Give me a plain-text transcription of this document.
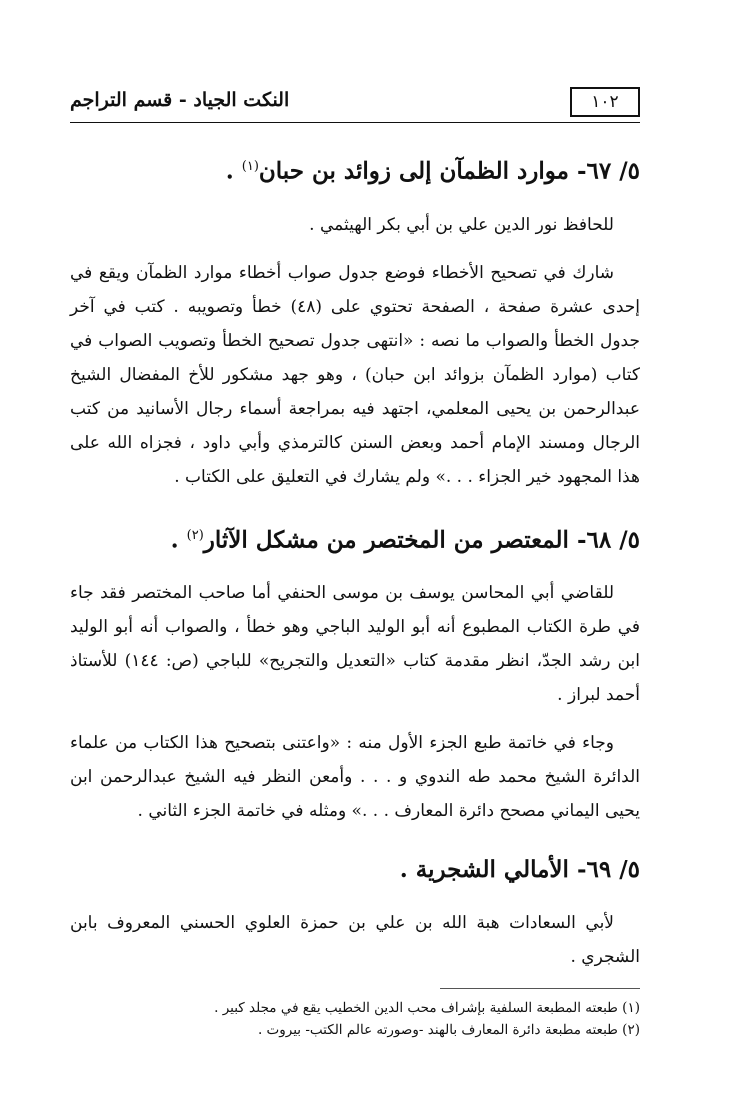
١٠٢
النكت الجياد - قسم التراجم
٥/ ٦٧- موارد الظمآن إلى زوائد بن حبان$^{(١)}$ .

للحافظ نور الدين علي بن أبي بكر الهيثمي .

شارك في تصحيح الأخطاء فوضع جدول صواب أخطاء موارد الظمآن ويقع في إحدى عشرة صفحة ، الصفحة تحتوي على (٤٨) خطأ وتصويبه . كتب في آخر جدول الخطأ والصواب ما نصه : «انتهى جدول تصحيح الخطأ وتصويب الصواب في كتاب (موارد الظمآن بزوائد ابن حبان) ، وهو جهد مشكور للأخ المفضال الشيخ عبدالرحمن بن يحيى المعلمي، اجتهد فيه بمراجعة أسماء رجال الأسانيد من كتب الرجال ومسند الإمام أحمد وبعض السنن كالترمذي وأبي داود ، فجزاه الله على هذا المجهود خير الجزاء . . .» ولم يشارك في التعليق على الكتاب .

٥/ ٦٨- المعتصر من المختصر من مشكل الآثار$^{(٢)}$ .

للقاضي أبي المحاسن يوسف بن موسى الحنفي أما صاحب المختصر فقد جاء في طرة الكتاب المطبوع أنه أبو الوليد الباجي وهو خطأ ، والصواب أنه أبو الوليد ابن رشد الجدّ، انظر مقدمة كتاب «التعديل والتجريح» للباجي (ص: ١٤٤) للأستاذ أحمد لبراز .

وجاء في خاتمة طبع الجزء الأول منه : «واعتنى بتصحيح هذا الكتاب من علماء الدائرة الشيخ محمد طه الندوي و . . . وأمعن النظر فيه الشيخ عبدالرحمن ابن يحيى اليماني مصحح دائرة المعارف . . .» ومثله في خاتمة الجزء الثاني .

٥/ ٦٩- الأمالي الشجرية .

لأبي السعادات هبة الله بن علي بن حمزة العلوي الحسني المعروف بابن الشجري .

(١) طبعته المطبعة السلفية بإشراف محب الدين الخطيب يقع في مجلد كبير .

(٢) طبعته مطبعة دائرة المعارف بالهند -وصورته عالم الكتب- بيروت .
